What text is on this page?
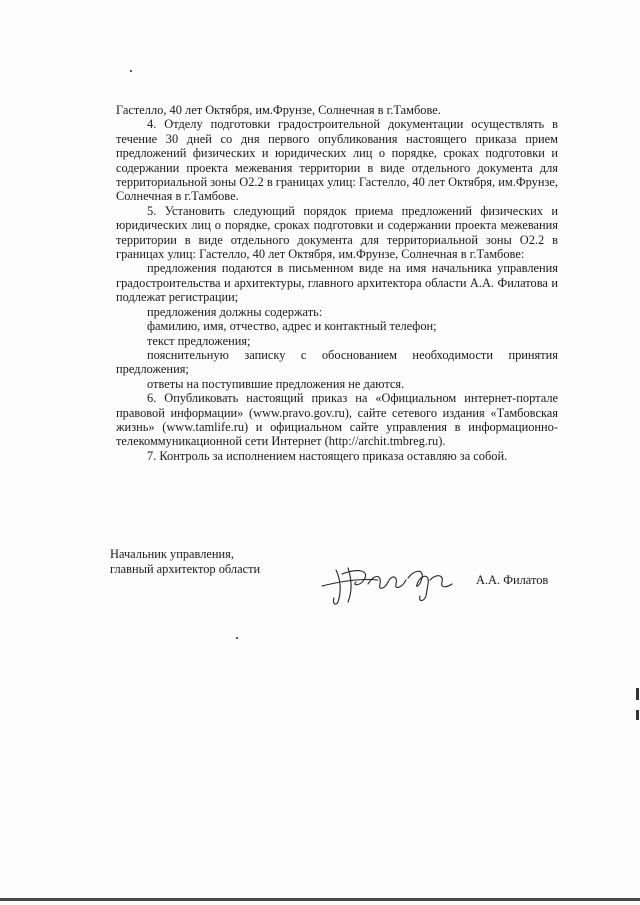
Гастелло, 40 лет Октября, им.Фрунзе, Солнечная в г.Тамбове.

4. Отделу подготовки градостроительной документации осуществлять в течение 30 дней со дня первого опубликования настоящего приказа прием предложений физических и юридических лиц о порядке, сроках подготовки и содержании проекта межевания территории в виде отдельного документа для территориальной зоны О2.2 в границах улиц: Гастелло, 40 лет Октября, им.Фрунзе, Солнечная в г.Тамбове.

5. Установить следующий порядок приема предложений физических и юридических лиц о порядке, сроках подготовки и содержании проекта межевания территории в виде отдельного документа для территориальной зоны О2.2 в границах улиц: Гастелло, 40 лет Октября, им.Фрунзе, Солнечная в г.Тамбове:

предложения подаются в письменном виде на имя начальника управления градостроительства и архитектуры, главного архитектора области А.А. Филатова и подлежат регистрации;

предложения должны содержать:

фамилию, имя, отчество, адрес и контактный телефон;

текст предложения;

пояснительную записку с обоснованием необходимости принятия предложения;

ответы на поступившие предложения не даются.

6. Опубликовать настоящий приказ на «Официальном интернет-портале правовой информации» (www.pravo.gov.ru), сайте сетевого издания «Тамбовская жизнь» (www.tamlife.ru) и официальном сайте управления в информационно-телекоммуникационной сети Интернет (http://archit.tmbreg.ru).

7. Контроль за исполнением настоящего приказа оставляю за собой.

Начальник управления,
главный архитектор области
А.А. Филатов
